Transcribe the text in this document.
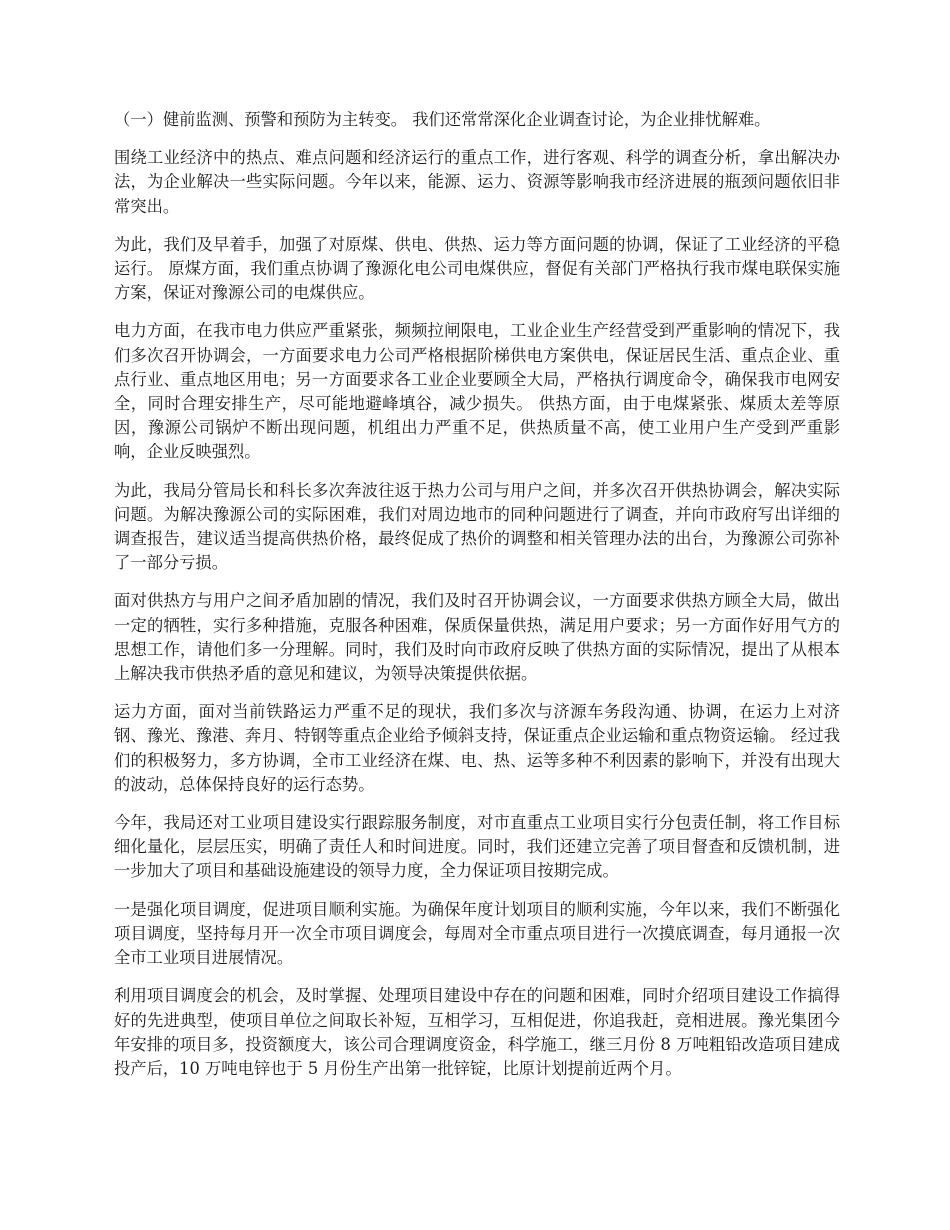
（一）健前监测、预警和预防为主转变。 我们还常常深化企业调查讨论，为企业排忧解难。

围绕工业经济中的热点、难点问题和经济运行的重点工作，进行客观、科学的调查分析，拿出解决办法，为企业解决一些实际问题。今年以来，能源、运力、资源等影响我市经济进展的瓶颈问题依旧非常突出。

为此，我们及早着手，加强了对原煤、供电、供热、运力等方面问题的协调，保证了工业经济的平稳运行。 原煤方面，我们重点协调了豫源化电公司电煤供应，督促有关部门严格执行我市煤电联保实施方案，保证对豫源公司的电煤供应。

电力方面，在我市电力供应严重紧张，频频拉闸限电，工业企业生产经营受到严重影响的情况下，我们多次召开协调会，一方面要求电力公司严格根据阶梯供电方案供电，保证居民生活、重点企业、重点行业、重点地区用电；另一方面要求各工业企业要顾全大局，严格执行调度命令，确保我市电网安全，同时合理安排生产，尽可能地避峰填谷，减少损失。 供热方面，由于电煤紧张、煤质太差等原因，豫源公司锅炉不断出现问题，机组出力严重不足，供热质量不高，使工业用户生产受到严重影响，企业反映强烈。

为此，我局分管局长和科长多次奔波往返于热力公司与用户之间，并多次召开供热协调会，解决实际问题。为解决豫源公司的实际困难，我们对周边地市的同种问题进行了调查，并向市政府写出详细的调查报告，建议适当提高供热价格，最终促成了热价的调整和相关管理办法的出台，为豫源公司弥补了一部分亏损。

面对供热方与用户之间矛盾加剧的情况，我们及时召开协调会议，一方面要求供热方顾全大局，做出一定的牺牲，实行多种措施，克服各种困难，保质保量供热，满足用户要求；另一方面作好用气方的思想工作，请他们多一分理解。同时，我们及时向市政府反映了供热方面的实际情况，提出了从根本上解决我市供热矛盾的意见和建议，为领导决策提供依据。

运力方面，面对当前铁路运力严重不足的现状，我们多次与济源车务段沟通、协调，在运力上对济钢、豫光、豫港、奔月、特钢等重点企业给予倾斜支持，保证重点企业运输和重点物资运输。 经过我们的积极努力，多方协调，全市工业经济在煤、电、热、运等多种不利因素的影响下，并没有出现大的波动，总体保持良好的运行态势。

今年，我局还对工业项目建设实行跟踪服务制度，对市直重点工业项目实行分包责任制，将工作目标细化量化，层层压实，明确了责任人和时间进度。同时，我们还建立完善了项目督查和反馈机制，进一步加大了项目和基础设施建设的领导力度，全力保证项目按期完成。

一是强化项目调度，促进项目顺利实施。为确保年度计划项目的顺利实施，今年以来，我们不断强化项目调度，坚持每月开一次全市项目调度会，每周对全市重点项目进行一次摸底调查，每月通报一次全市工业项目进展情况。

利用项目调度会的机会，及时掌握、处理项目建设中存在的问题和困难，同时介绍项目建设工作搞得好的先进典型，使项目单位之间取长补短，互相学习，互相促进，你追我赶，竞相进展。豫光集团今年安排的项目多，投资额度大，该公司合理调度资金，科学施工，继三月份 8 万吨粗铅改造项目建成投产后，10 万吨电锌也于 5 月份生产出第一批锌锭，比原计划提前近两个月。
